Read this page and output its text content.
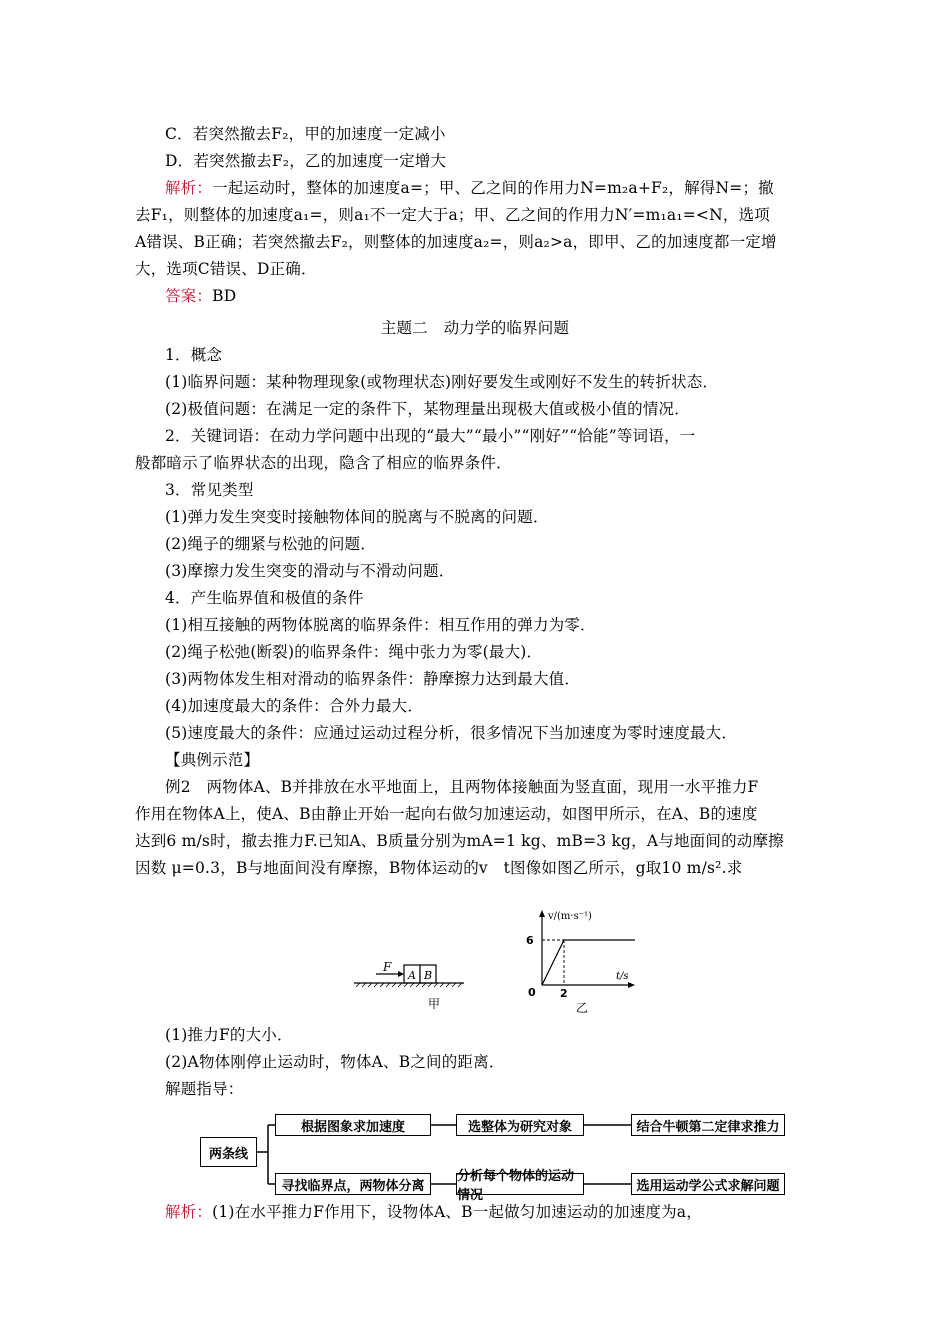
C．若突然撤去F₂，甲的加速度一定减小
D．若突然撤去F₂，乙的加速度一定增大
解析：一起运动时，整体的加速度a=；甲、乙之间的作用力N=m₂a+F₂，解得N=；撤
去F₁，则整体的加速度a₁=，则a₁不一定大于a；甲、乙之间的作用力N′=m₁a₁=<N，选项
A错误、B正确；若突然撤去F₂，则整体的加速度a₂=，则a₂>a，即甲、乙的加速度都一定增
大，选项C错误、D正确．
答案：BD
主题二　动力学的临界问题
1．概念
(1)临界问题：某种物理现象(或物理状态)刚好要发生或刚好不发生的转折状态．
(2)极值问题：在满足一定的条件下，某物理量出现极大值或极小值的情况．
2．关键词语：在动力学问题中出现的“最大”“最小”“刚好”“恰能”等词语，一
般都暗示了临界状态的出现，隐含了相应的临界条件．
3．常见类型
(1)弹力发生突变时接触物体间的脱离与不脱离的问题．
(2)绳子的绷紧与松弛的问题．
(3)摩擦力发生突变的滑动与不滑动问题．
4．产生临界值和极值的条件
(1)相互接触的两物体脱离的临界条件：相互作用的弹力为零．
(2)绳子松弛(断裂)的临界条件：绳中张力为零(最大)．
(3)两物体发生相对滑动的临界条件：静摩擦力达到最大值．
(4)加速度最大的条件：合外力最大．
(5)速度最大的条件：应通过运动过程分析，很多情况下当加速度为零时速度最大．
【典例示范】
例2　两物体A、B并排放在水平地面上，且两物体接触面为竖直面，现用一水平推力F
作用在物体A上，使A、B由静止开始一起向右做匀加速运动，如图甲所示，在A、B的速度
达到6 m/s时，撤去推力F.已知A、B质量分别为mA=1 kg、mB=3 kg，A与地面间的动摩擦
因数 μ=0.3，B与地面间没有摩擦，B物体运动的v　t图像如图乙所示，g取10 m/s².求
F
A B
甲
v/(m·s⁻¹)
t/s
6
0 2
乙
(1)推力F的大小．
(2)A物体刚停止运动时，物体A、B之间的距离．
解题指导：
两条线
根据图象求加速度	选整体为研究对象	结合牛顿第二定律求推力
寻找临界点，两物体分离
分析每个物体的运动情况
选用运动学公式求解问题
解析：(1)在水平推力F作用下，设物体A、B一起做匀加速运动的加速度为a，
